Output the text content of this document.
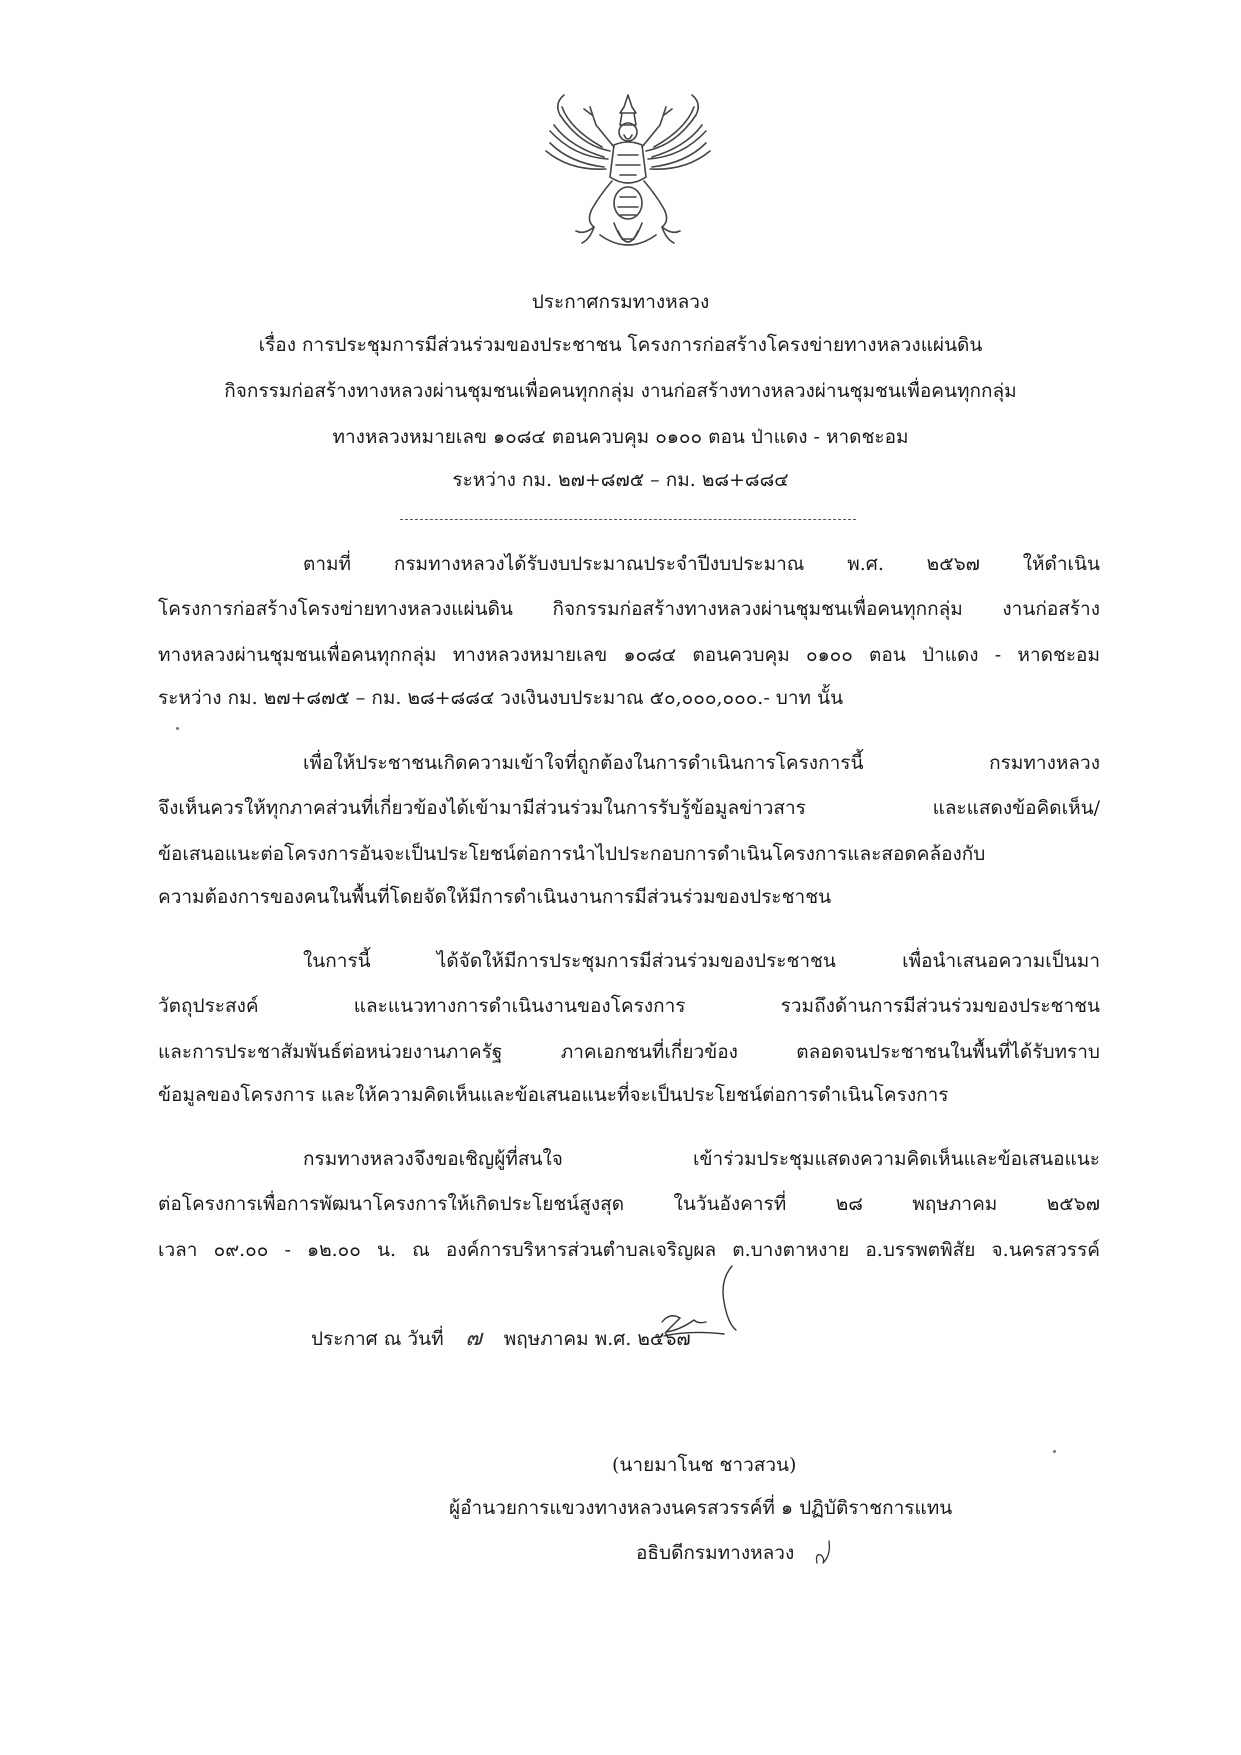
ประกาศกรมทางหลวง
เรื่อง การประชุมการมีส่วนร่วมของประชาชน โครงการก่อสร้างโครงข่ายทางหลวงแผ่นดิน
กิจกรรมก่อสร้างทางหลวงผ่านชุมชนเพื่อคนทุกกลุ่ม งานก่อสร้างทางหลวงผ่านชุมชนเพื่อคนทุกกลุ่ม
ทางหลวงหมายเลข ๑๐๘๔ ตอนควบคุม ๐๑๐๐ ตอน ป่าแดง - หาดชะอม
ระหว่าง กม. ๒๗+๘๗๕ – กม. ๒๘+๘๘๔
ตามที่ กรมทางหลวงได้รับงบประมาณประจำปีงบประมาณ พ.ศ. ๒๕๖๗ ให้ดำเนิน
โครงการก่อสร้างโครงข่ายทางหลวงแผ่นดิน กิจกรรมก่อสร้างทางหลวงผ่านชุมชนเพื่อคนทุกกลุ่ม งานก่อสร้าง
ทางหลวงผ่านชุมชนเพื่อคนทุกกลุ่ม ทางหลวงหมายเลข ๑๐๘๔ ตอนควบคุม ๐๑๐๐ ตอน ป่าแดง - หาดชะอม
ระหว่าง กม. ๒๗+๘๗๕ – กม. ๒๘+๘๘๔ วงเงินงบประมาณ ๕๐,๐๐๐,๐๐๐.- บาท นั้น
เพื่อให้ประชาชนเกิดความเข้าใจที่ถูกต้องในการดำเนินการโครงการนี้ กรมทางหลวง
จึงเห็นควรให้ทุกภาคส่วนที่เกี่ยวข้องได้เข้ามามีส่วนร่วมในการรับรู้ข้อมูลข่าวสาร และแสดงข้อคิดเห็น/
ข้อเสนอแนะต่อโครงการอันจะเป็นประโยชน์ต่อการนำไปประกอบการดำเนินโครงการและสอดคล้องกับ
ความต้องการของคนในพื้นที่โดยจัดให้มีการดำเนินงานการมีส่วนร่วมของประชาชน
ในการนี้ ได้จัดให้มีการประชุมการมีส่วนร่วมของประชาชน เพื่อนำเสนอความเป็นมา
วัตถุประสงค์ และแนวทางการดำเนินงานของโครงการ รวมถึงด้านการมีส่วนร่วมของประชาชน
และการประชาสัมพันธ์ต่อหน่วยงานภาครัฐ ภาคเอกชนที่เกี่ยวข้อง ตลอดจนประชาชนในพื้นที่ได้รับทราบ
ข้อมูลของโครงการ และให้ความคิดเห็นและข้อเสนอแนะที่จะเป็นประโยชน์ต่อการดำเนินโครงการ
กรมทางหลวงจึงขอเชิญผู้ที่สนใจ เข้าร่วมประชุมแสดงความคิดเห็นและข้อเสนอแนะ
ต่อโครงการเพื่อการพัฒนาโครงการให้เกิดประโยชน์สูงสุด ในวันอังคารที่ ๒๘ พฤษภาคม ๒๕๖๗
เวลา ๐๙.๐๐ - ๑๒.๐๐ น. ณ องค์การบริหารส่วนตำบลเจริญผล ต.บางตาหงาย อ.บรรพตพิสัย จ.นครสวรรค์
ประกาศ ณ วันที่ ๗ พฤษภาคม พ.ศ. ๒๕๖๗
(นายมาโนช ชาวสวน)
ผู้อำนวยการแขวงทางหลวงนครสวรรค์ที่ ๑ ปฏิบัติราชการแทน
อธิบดีกรมทางหลวง
